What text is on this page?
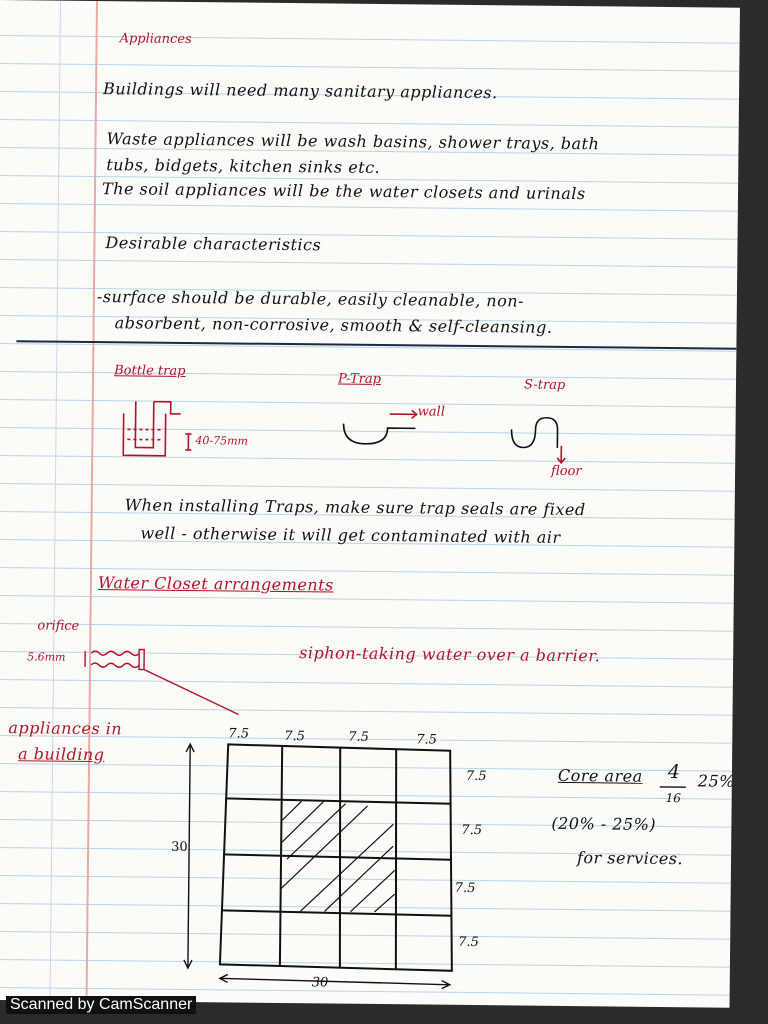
Appliances
Buildings will need many sanitary appliances.
Waste appliances will be wash basins, shower trays, bath
tubs, bidgets, kitchen sinks etc.
The soil appliances will be the water closets and urinals
Desirable characteristics
-surface should be durable, easily cleanable, non-
absorbent, non-corrosive, smooth & self-cleansing.
Bottle trap
P-Trap	S-trap
wall
floor
40-75mm
When installing Traps, make sure trap seals are fixed
well - otherwise it will get contaminated with air
Water Closet arrangements
orifice
5.6mm	siphon-taking water over a barrier.
appliances in
a building
7.5	7.5	7.5	7.5
7.5
7.5
7.5
7.5
30
30
Core area 4
16
25%
(20% - 25%)
for services.
Scanned by CamScanner
